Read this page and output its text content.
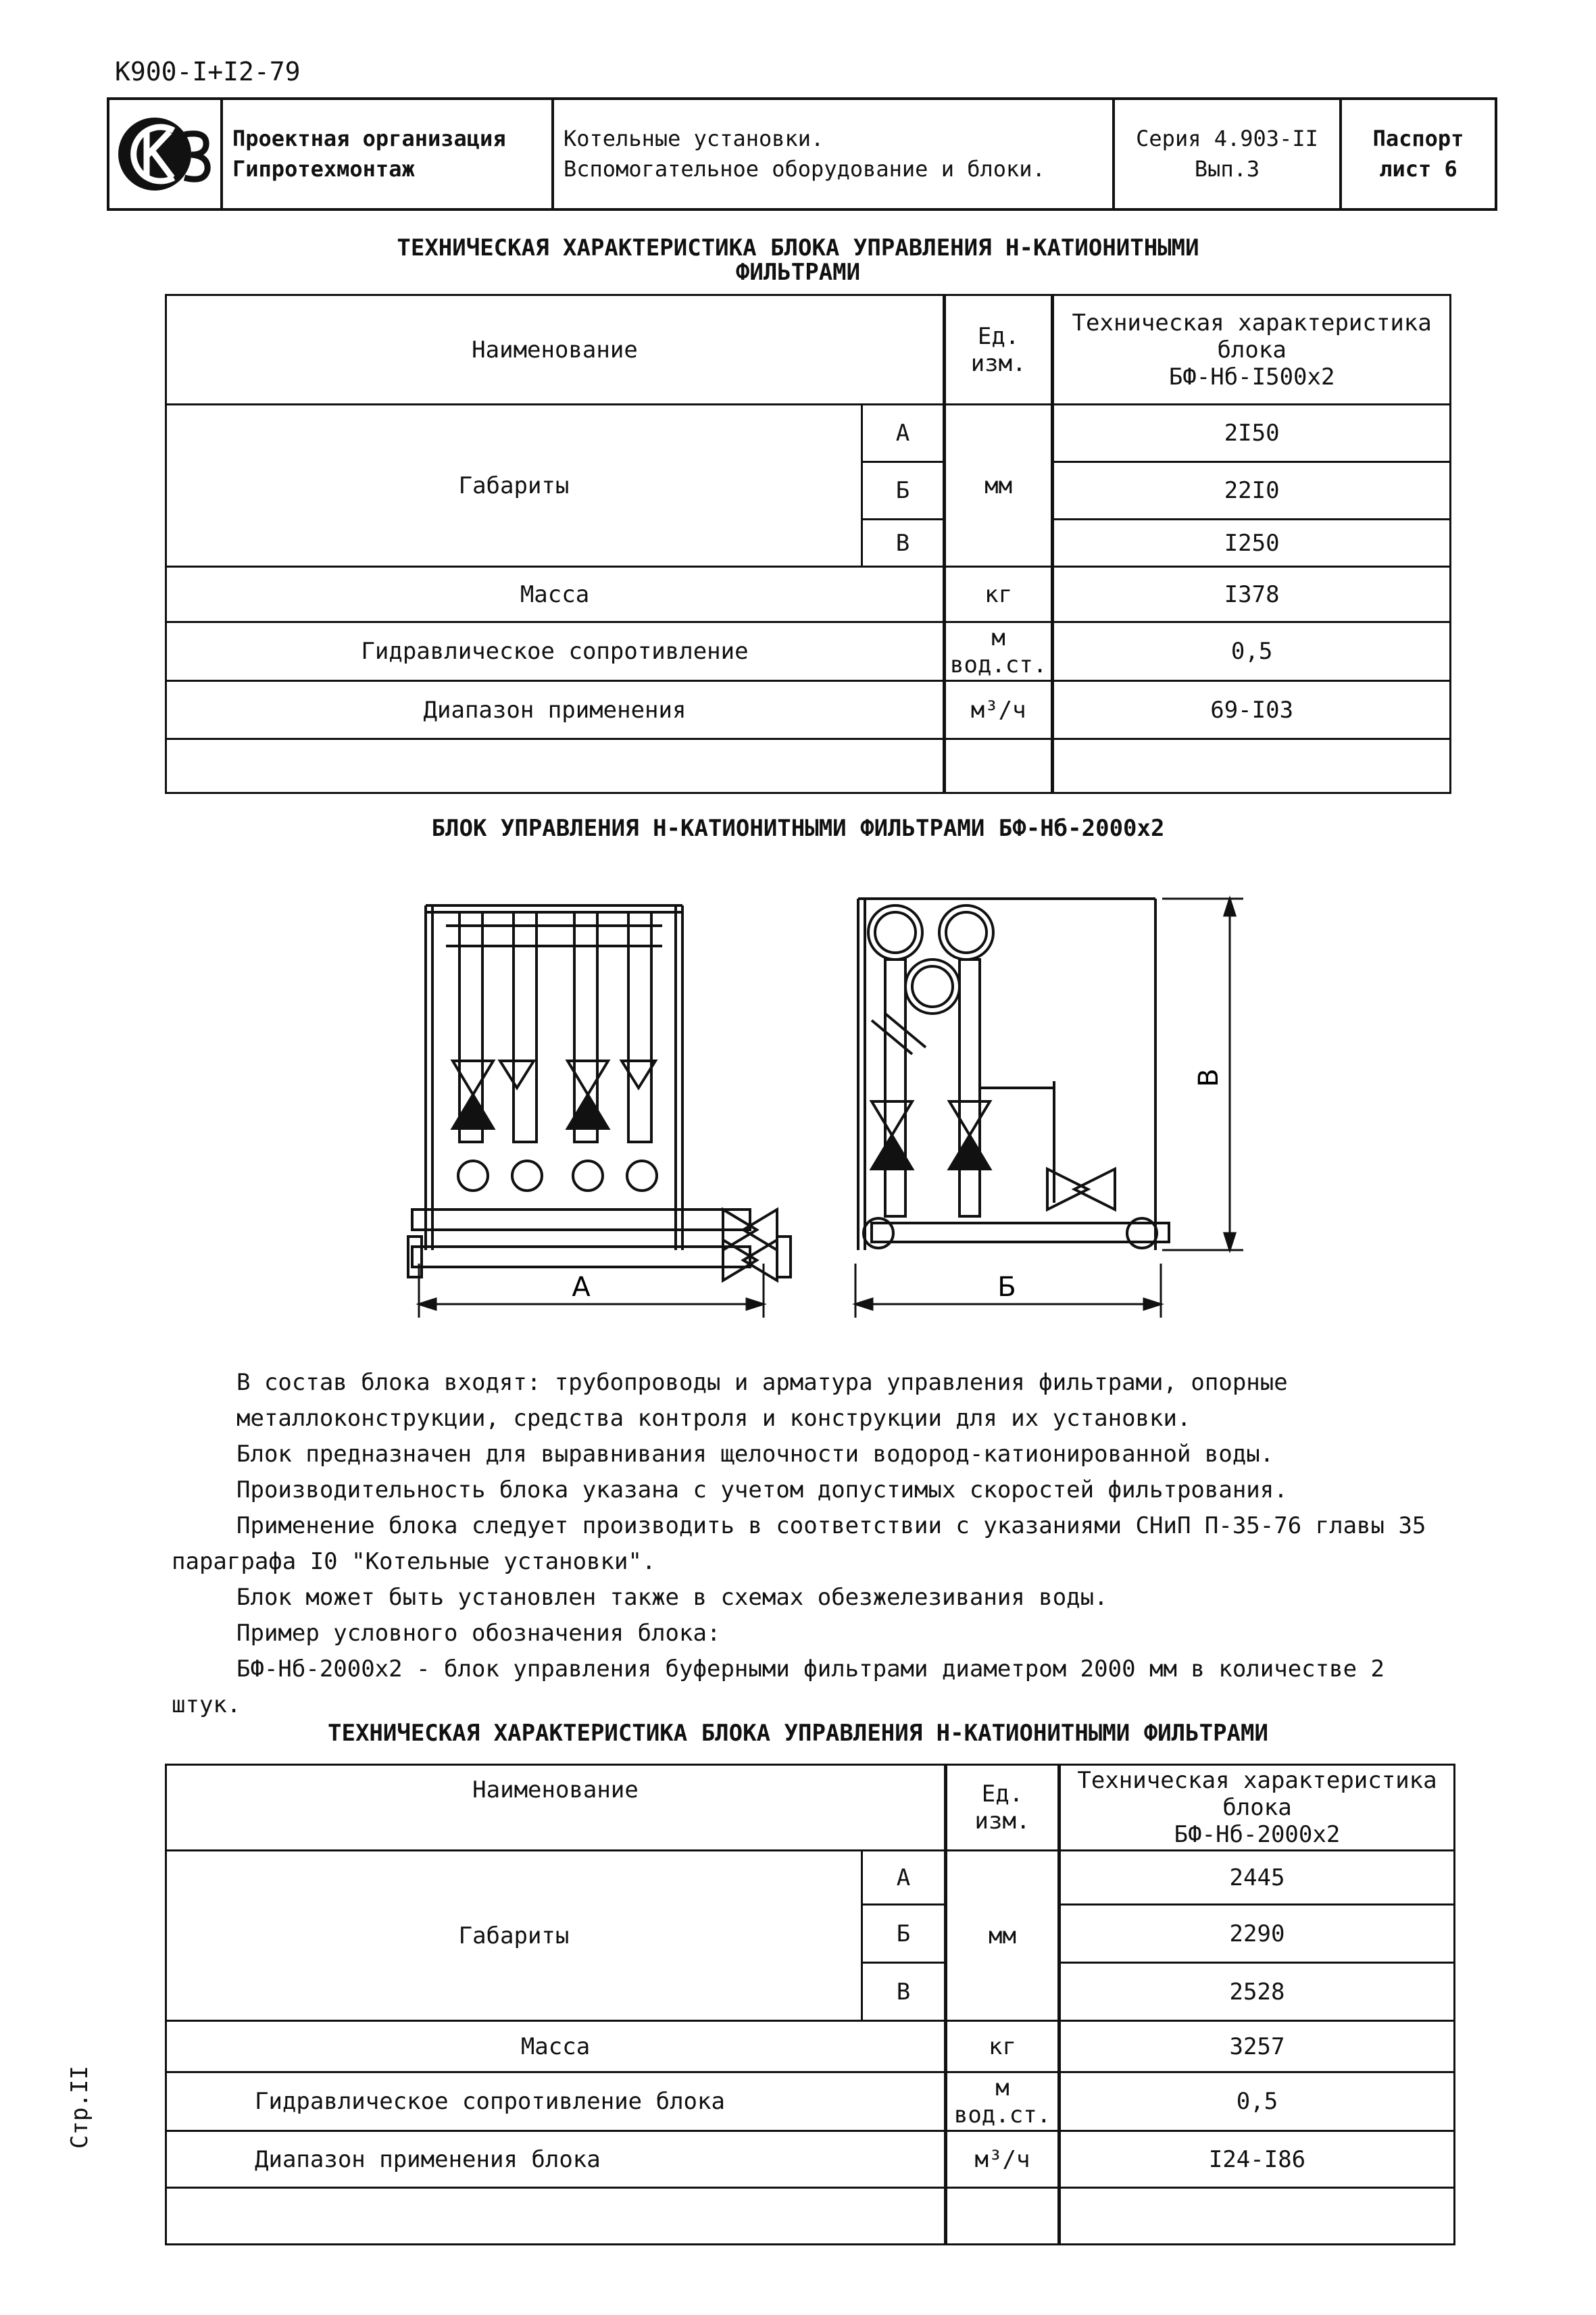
К900-I+I2-79
Проектная организация
Гипротехмонтаж
Котельные установки.
Вспомогательное оборудование и блоки.
Серия 4.903-II
Вып.3
Паспорт
лист 6
ТЕХНИЧЕСКАЯ ХАРАКТЕРИСТИКА БЛОКА УПРАВЛЕНИЯ Н-КАТИОНИТНЫМИ
ФИЛЬТРАМИ
Наименование		Ед. изм.	Техническая характеристика блока
БФ-Нб-I500х2

Габариты	А	мм	2I50
	Б		22I0
	В		I250
Масса		кг	I378
Гидравлическое сопротивление		м вод.ст.	0,5
Диапазон применения		м³/ч	69-I03

БЛОК УПРАВЛЕНИЯ Н-КАТИОНИТНЫМИ ФИЛЬТРАМИ БФ-Нб-2000х2
А	Б
В

В состав блока входят: трубопроводы и арматура управления фильтрами, опорные металлоконструкции, средства контроля и конструкции для их установки.

Блок предназначен для выравнивания щелочности водород-катионированной воды.

Производительность блока указана с учетом допустимых скоростей фильтрования.

Применение блока следует производить в соответствии с указаниями СНиП П-35-76 главы 35 параграфа I0 "Котельные установки".

Блок может быть установлен также в схемах обезжелезивания воды.

Пример условного обозначения блока:

БФ-Нб-2000х2 - блок управления буферными фильтрами диаметром 2000 мм в количестве 2 штук.

ТЕХНИЧЕСКАЯ ХАРАКТЕРИСТИКА БЛОКА УПРАВЛЕНИЯ Н-КАТИОНИТНЫМИ ФИЛЬТРАМИ
Наименование		Ед. изм.	Техническая характеристика блока
БФ-Нб-2000х2

Габариты	А	мм	2445
	Б		2290
	В		2528
Масса		кг	3257
Гидравлическое сопротивление блока		м вод.ст.	0,5
Диапазон применения блока		м³/ч	I24-I86

Стр.II
